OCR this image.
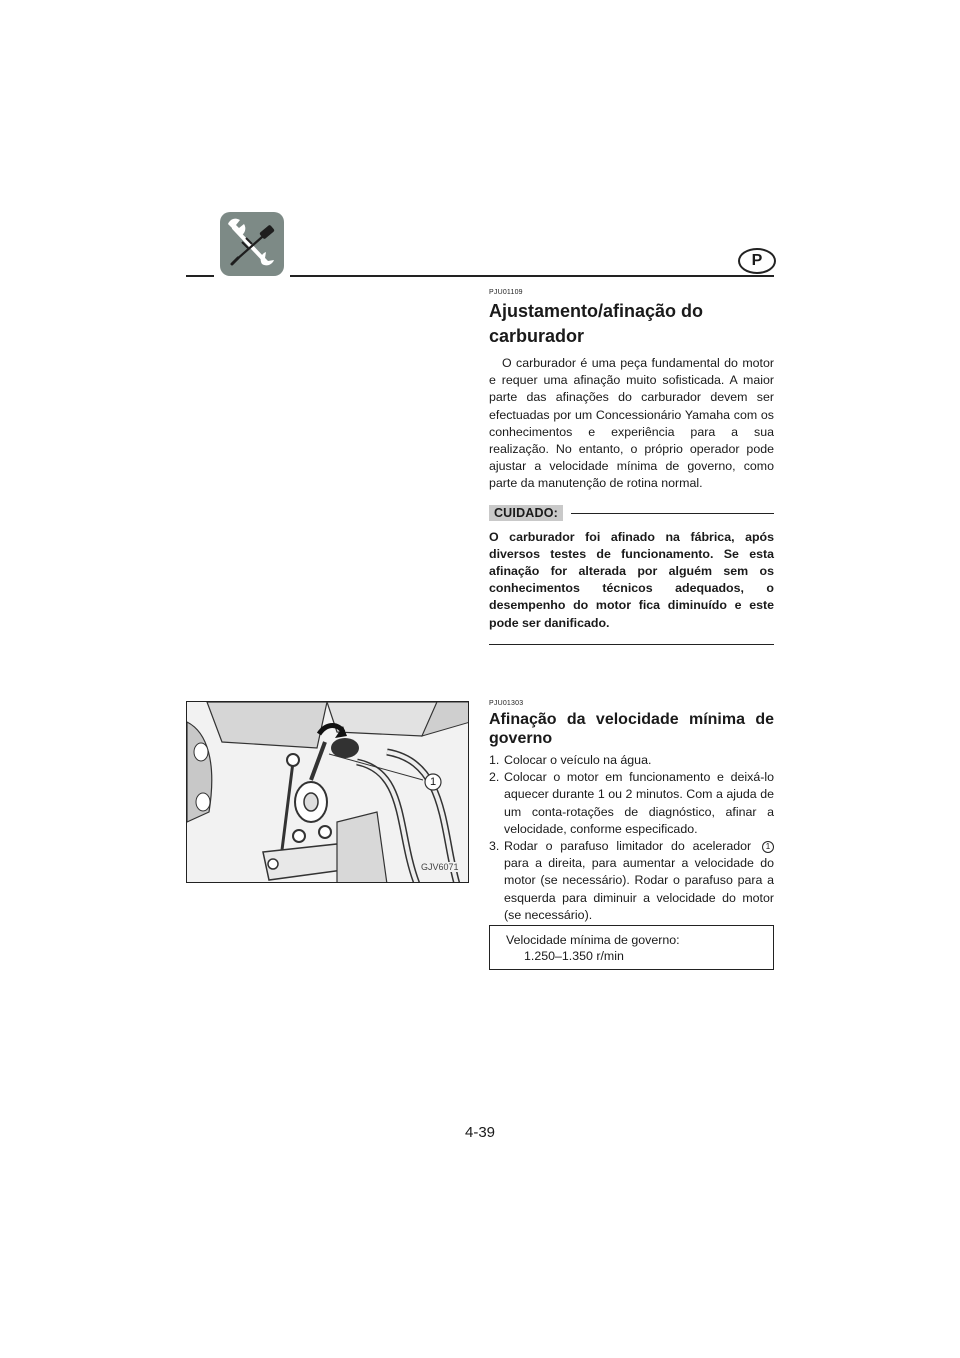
P
PJU01109
Ajustamento/afinação do
carburador

O carburador é uma peça fundamental do motor e requer uma afinação muito sofisticada. A maior parte das afinações do carburador devem ser efectuadas por um Concessionário Yamaha com os conhecimentos e experiência para a sua realização. No entanto, o próprio operador pode ajustar a velocidade mínima de governo, como parte da manutenção de rotina normal.

CUIDADO:

O carburador foi afinado na fábrica, após diversos testes de funcionamento. Se esta afinação for alterada por alguém sem os conhecimentos técnicos adequados, o desempenho do motor fica diminuído e este pode ser danificado.

1
GJV6071
PJU01303
Afinação da velocidade mínima de governo
1. Colocar o veículo na água.
2. Colocar o motor em funcionamento e deixá-lo aquecer durante 1 ou 2 minutos. Com a ajuda de um conta-rotações de diagnóstico, afinar a velocidade, conforme especificado.
3. Rodar o parafuso limitador do acelerador 1 para a direita, para aumentar a velocidade do motor (se necessário). Rodar o parafuso para a esquerda para diminuir a velocidade do motor (se necessário).
Velocidade mínima de governo:
1.250–1.350 r/min
4-39
